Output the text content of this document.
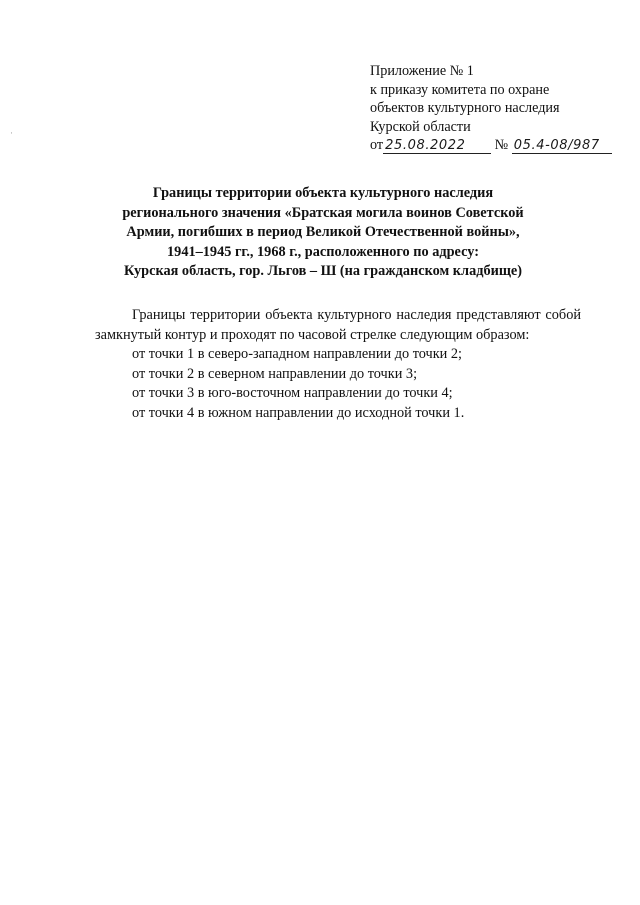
·
Приложение № 1
к приказу комитета по охране
объектов культурного наследия
Курской области
от 25.08.2022 № 05.4-08/987
Границы территории объекта культурного наследия
регионального значения «Братская могила воинов Советской
Армии, погибших в период Великой Отечественной войны»,
1941–1945 гг., 1968 г., расположенного по адресу:
Курская область, гор. Льгов – Ш (на гражданском кладбище)

Границы территории объекта культурного наследия представляют собой замкнутый контур и проходят по часовой стрелке следующим образом:

от точки 1 в северо-западном направлении до точки 2;
от точки 2 в северном направлении до точки 3;
от точки 3 в юго-восточном направлении до точки 4;
от точки 4 в южном направлении до исходной точки 1.
